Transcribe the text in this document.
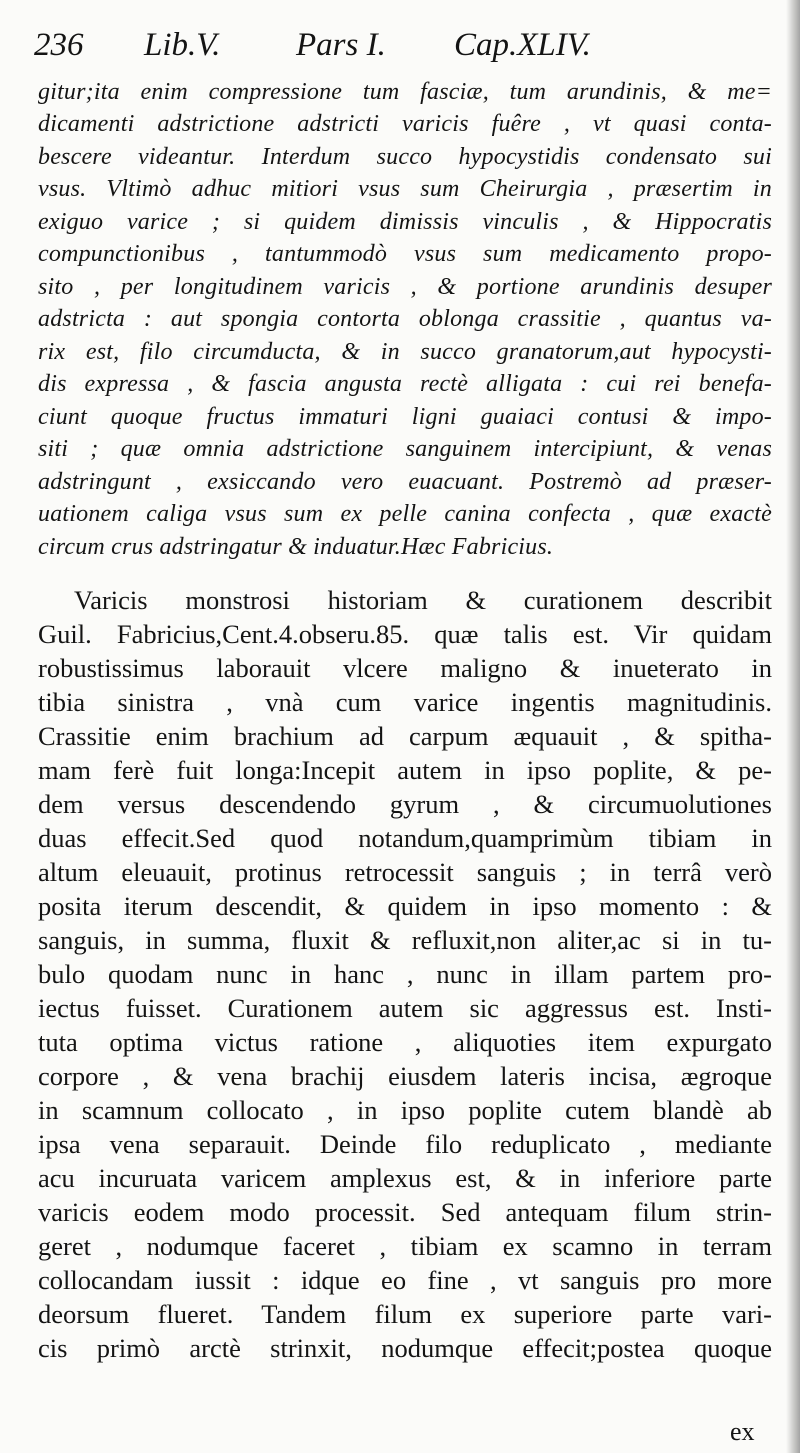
236 Lib.V. Pars I. Cap.XLIV.
gitur;ita enim compressione tum fasciæ, tum arundinis, & me=
dicamenti adstrictione adstricti varicis fuêre , vt quasi conta-
bescere videantur. Interdum succo hypocystidis condensato sui
vsus. Vltimò adhuc mitiori vsus sum Cheirurgia , præsertim in
exiguo varice ; si quidem dimissis vinculis , & Hippocratis
compunctionibus , tantummodò vsus sum medicamento propo-
sito , per longitudinem varicis , & portione arundinis desuper
adstricta : aut spongia contorta oblonga crassitie , quantus va-
rix est, filo circumducta, & in succo granatorum,aut hypocysti-
dis expressa , & fascia angusta rectè alligata : cui rei benefa-
ciunt quoque fructus immaturi ligni guaiaci contusi & impo-
siti ; quæ omnia adstrictione sanguinem intercipiunt, & venas
adstringunt , exsiccando vero euacuant. Postremò ad præser-
uationem caliga vsus sum ex pelle canina confecta , quæ exactè
circum crus adstringatur & induatur.Hæc Fabricius.
Varicis monstrosi historiam & curationem describit
Guil. Fabricius,Cent.4.obseru.85. quæ talis est. Vir quidam
robustissimus laborauit vlcere maligno & inueterato in
tibia sinistra , vnà cum varice ingentis magnitudinis.
Crassitie enim brachium ad carpum æquauit , & spitha-
mam ferè fuit longa:Incepit autem in ipso poplite, & pe-
dem versus descendendo gyrum , & circumuolutiones
duas effecit.Sed quod notandum,quamprimùm tibiam in
altum eleuauit, protinus retrocessit sanguis ; in terrâ verò
posita iterum descendit, & quidem in ipso momento : &
sanguis, in summa, fluxit & refluxit,non aliter,ac si in tu-
bulo quodam nunc in hanc , nunc in illam partem pro-
iectus fuisset. Curationem autem sic aggressus est. Insti-
tuta optima victus ratione , aliquoties item expurgato
corpore , & vena brachij eiusdem lateris incisa, ægroque
in scamnum collocato , in ipso poplite cutem blandè ab
ipsa vena separauit. Deinde filo reduplicato , mediante
acu incuruata varicem amplexus est, & in inferiore parte
varicis eodem modo processit. Sed antequam filum strin-
geret , nodumque faceret , tibiam ex scamno in terram
collocandam iussit : idque eo fine , vt sanguis pro more
deorsum flueret. Tandem filum ex superiore parte vari-
cis primò arctè strinxit, nodumque effecit;postea quoque
ex
